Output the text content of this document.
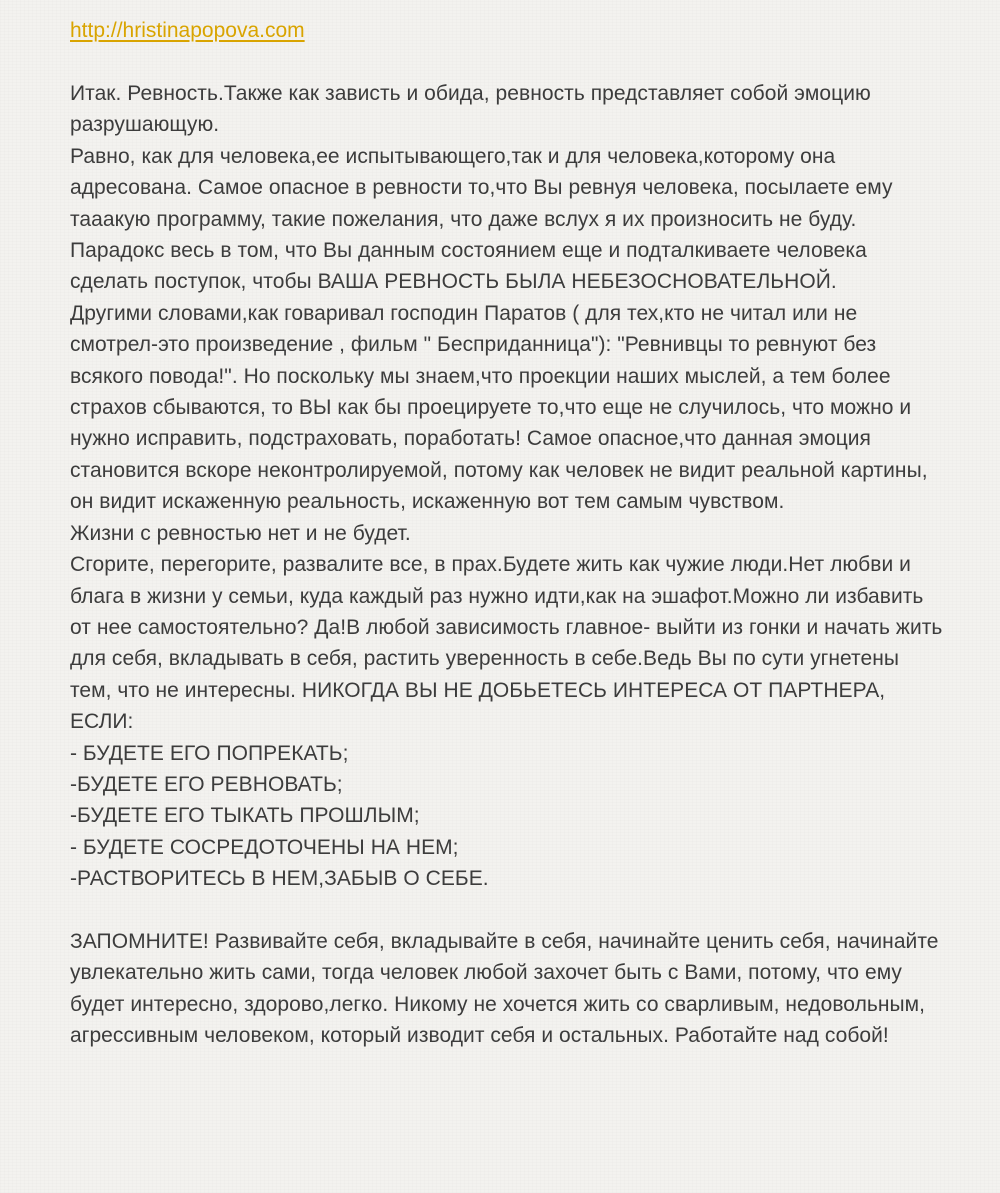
http://hristinapopova.com

Итак. Ревность.Также как зависть и обида, ревность представляет собой эмоцию разрушающую.

Равно, как для человека,ее испытывающего,так и для человека,которому она адресована. Самое опасное в ревности то,что Вы ревнуя человека, посылаете ему тааакую программу, такие пожелания, что даже вслух я их произносить не буду.

Парадокс весь в том, что Вы данным состоянием еще и подталкиваете человека сделать поступок, чтобы ВАША РЕВНОСТЬ БЫЛА НЕБЕЗОСНОВАТЕЛЬНОЙ.

Другими словами,как говаривал господин Паратов ( для тех,кто не читал или не смотрел-это произведение , фильм " Бесприданница"): "Ревнивцы то ревнуют без всякого повода!". Но поскольку мы знаем,что проекции наших мыслей, а тем более страхов сбываются, то ВЫ как бы проецируете то,что еще не случилось, что можно и нужно исправить, подстраховать, поработать! Самое опасное,что данная эмоция становится вскоре неконтролируемой, потому как человек не видит реальной картины, он видит искаженную реальность, искаженную вот тем самым чувством.

Жизни с ревностью нет и не будет.

Сгорите, перегорите, развалите все, в прах.Будете жить как чужие люди.Нет любви и блага в жизни у семьи, куда каждый раз нужно идти,как на эшафот.Можно ли избавить от нее самостоятельно? Да!В любой зависимость главное- выйти из гонки и начать жить для себя, вкладывать в себя, растить уверенность в себе.Ведь Вы по сути угнетены тем, что не интересны. НИКОГДА ВЫ НЕ ДОБЬЕТЕСЬ ИНТЕРЕСА ОТ ПАРТНЕРА, ЕСЛИ:

- БУДЕТЕ ЕГО ПОПРЕКАТЬ;

-БУДЕТЕ ЕГО РЕВНОВАТЬ;

-БУДЕТЕ ЕГО ТЫКАТЬ ПРОШЛЫМ;

- БУДЕТЕ СОСРЕДОТОЧЕНЫ НА НЕМ;

-РАСТВОРИТЕСЬ В НЕМ,ЗАБЫВ О СЕБЕ.

ЗАПОМНИТЕ! Развивайте себя, вкладывайте в себя, начинайте ценить себя, начинайте увлекательно жить сами, тогда человек любой захочет быть с Вами, потому, что ему будет интересно, здорово,легко. Никому не хочется жить со сварливым, недовольным, агрессивным человеком, который изводит себя и остальных. Работайте над собой!
